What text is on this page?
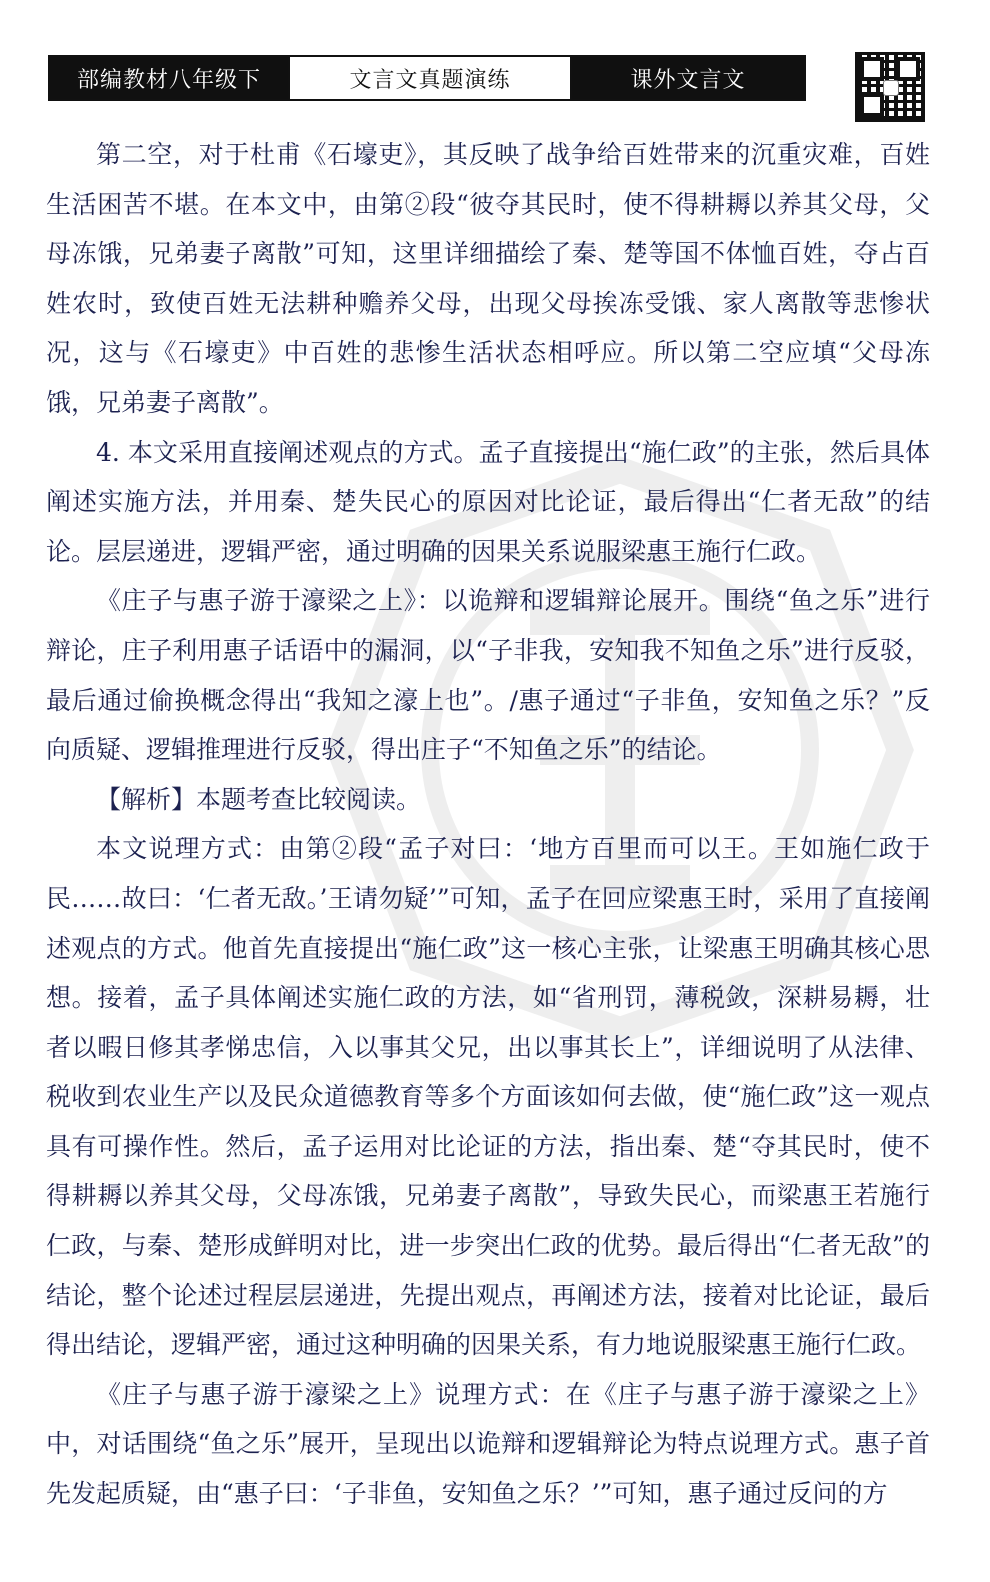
部编教材八年级下	文言文真题演练	课外文言文

第二空，对于杜甫《石壕吏》，其反映了战争给百姓带来的沉重灾难，百姓生活困苦不堪。在本文中，由第②段“彼夺其民时，使不得耕耨以养其父母，父母冻饿，兄弟妻子离散”可知，这里详细描绘了秦、楚等国不体恤百姓，夺占百姓农时，致使百姓无法耕种赡养父母，出现父母挨冻受饿、家人离散等悲惨状况，这与《石壕吏》中百姓的悲惨生活状态相呼应。所以第二空应填“父母冻饿，兄弟妻子离散”。

4. 本文采用直接阐述观点的方式。孟子直接提出“施仁政”的主张，然后具体阐述实施方法，并用秦、楚失民心的原因对比论证，最后得出“仁者无敌”的结论。层层递进，逻辑严密，通过明确的因果关系说服梁惠王施行仁政。

《庄子与惠子游于濠梁之上》：以诡辩和逻辑辩论展开。围绕“鱼之乐”进行辩论，庄子利用惠子话语中的漏洞，以“子非我，安知我不知鱼之乐”进行反驳，最后通过偷换概念得出“我知之濠上也”。/惠子通过“子非鱼，安知鱼之乐？”反向质疑、逻辑推理进行反驳，得出庄子“不知鱼之乐”的结论。

【解析】本题考查比较阅读。

本文说理方式：由第②段“孟子对曰：‘地方百里而可以王。王如施仁政于民……故曰：‘仁者无敌。’王请勿疑’”可知，孟子在回应梁惠王时，采用了直接阐述观点的方式。他首先直接提出“施仁政”这一核心主张，让梁惠王明确其核心思想。接着，孟子具体阐述实施仁政的方法，如“省刑罚，薄税敛，深耕易耨，壮者以暇日修其孝悌忠信，入以事其父兄，出以事其长上”，详细说明了从法律、税收到农业生产以及民众道德教育等多个方面该如何去做，使“施仁政”这一观点具有可操作性。然后，孟子运用对比论证的方法，指出秦、楚“夺其民时，使不得耕耨以养其父母，父母冻饿，兄弟妻子离散”，导致失民心，而梁惠王若施行仁政，与秦、楚形成鲜明对比，进一步突出仁政的优势。最后得出“仁者无敌”的结论，整个论述过程层层递进，先提出观点，再阐述方法，接着对比论证，最后得出结论，逻辑严密，通过这种明确的因果关系，有力地说服梁惠王施行仁政。

《庄子与惠子游于濠梁之上》说理方式：在《庄子与惠子游于濠梁之上》中，对话围绕“鱼之乐”展开，呈现出以诡辩和逻辑辩论为特点说理方式。惠子首先发起质疑，由“惠子曰：‘子非鱼，安知鱼之乐？’”可知，惠子通过反问的方
